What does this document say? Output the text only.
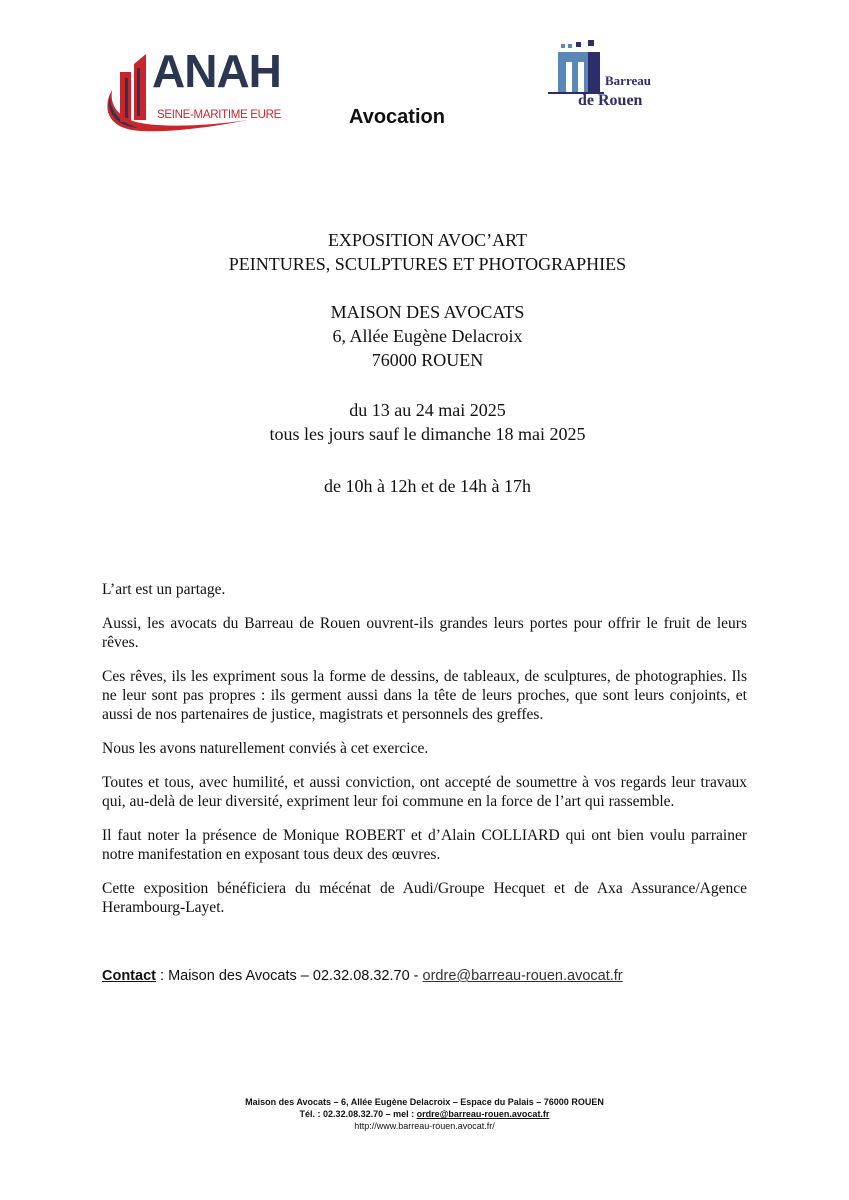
ANAH
SEINE-MARITIME EURE
Barreau
de Rouen
Avocation
EXPOSITION AVOC’ART
PEINTURES, SCULPTURES ET PHOTOGRAPHIES
MAISON DES AVOCATS
6, Allée Eugène Delacroix
76000 ROUEN
du 13 au 24 mai 2025
tous les jours sauf le dimanche 18 mai 2025
de 10h à 12h et de 14h à 17h

L’art est un partage.

Aussi, les avocats du Barreau de Rouen ouvrent-ils grandes leurs portes pour offrir le fruit de leurs rêves.

Ces rêves, ils les expriment sous la forme de dessins, de tableaux, de sculptures, de photographies. Ils ne leur sont pas propres : ils germent aussi dans la tête de leurs proches, que sont leurs conjoints, et aussi de nos partenaires de justice, magistrats et personnels des greffes.

Nous les avons naturellement conviés à cet exercice.

Toutes et tous, avec humilité, et aussi conviction, ont accepté de soumettre à vos regards leur travaux qui, au-delà de leur diversité, expriment leur foi commune en la force de l’art qui rassemble.

Il faut noter la présence de Monique ROBERT et d’Alain COLLIARD qui ont bien voulu parrainer notre manifestation en exposant tous deux des œuvres.

Cette exposition bénéficiera du mécénat de Audi/Groupe Hecquet et de Axa Assurance/Agence Herambourg-Layet.

Contact : Maison des Avocats – 02.32.08.32.70 - ordre@barreau-rouen.avocat.fr
Maison des Avocats – 6, Allée Eugène Delacroix – Espace du Palais – 76000 ROUEN
Tél. : 02.32.08.32.70 – mel : ordre@barreau-rouen.avocat.fr
http://www.barreau-rouen.avocat.fr/
